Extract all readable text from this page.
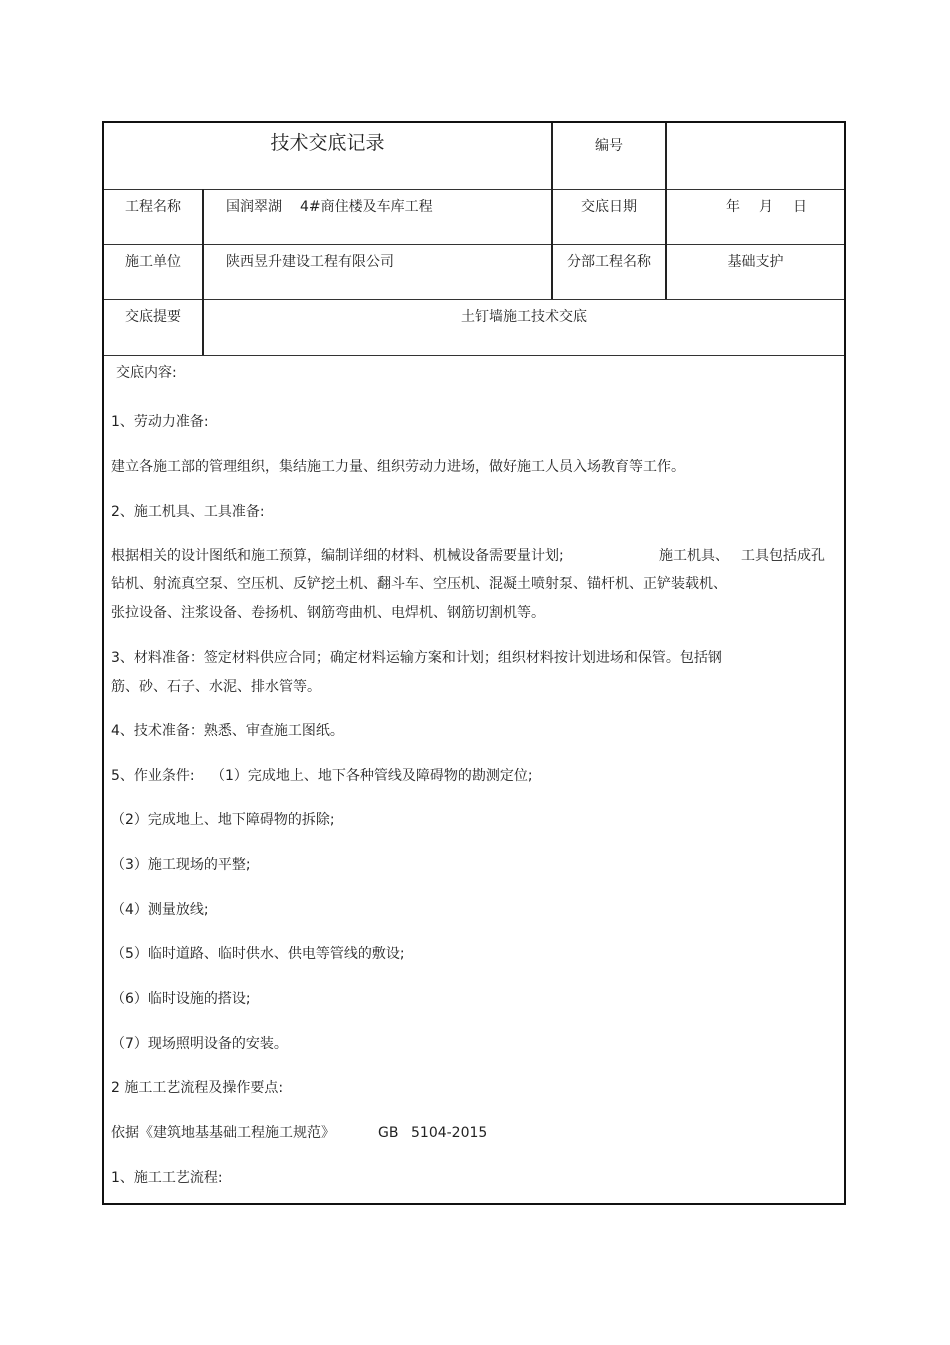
技术交底记录	编号
工程名称	国润翠湖 4#商住楼及车库工程	交底日期	年 月 日
施工单位	陕西昱升建设工程有限公司	分部工程名称	基础支护
交底提要	土钉墙施工技术交底
交底内容:
1、劳动力准备:
建立各施工部的管理组织，集结施工力量、组织劳动力进场，做好施工人员入场教育等工作。
2、施工机具、工具准备:
根据相关的设计图纸和施工预算，编制详细的材料、机械设备需要量计划;	施工机具、 工具包括成孔
钻机、射流真空泵、空压机、反铲挖土机、翻斗车、空压机、混凝土喷射泵、锚杆机、正铲装载机、
张拉设备、注浆设备、卷扬机、钢筋弯曲机、电焊机、钢筋切割机等。
3、材料准备：签定材料供应合同；确定材料运输方案和计划；组织材料按计划进场和保管。包括钢
筋、砂、石子、水泥、排水管等。
4、技术准备：熟悉、审查施工图纸。
5、作业条件: （1）完成地上、地下各种管线及障碍物的勘测定位;
（2）完成地上、地下障碍物的拆除;
（3）施工现场的平整;
（4）测量放线;
（5）临时道路、临时供水、供电等管线的敷设;
（6）临时设施的搭设;
（7）现场照明设备的安装。
2 施工工艺流程及操作要点:
依据《建筑地基基础工程施工规范》	GB 5104-2015
1、施工工艺流程:
